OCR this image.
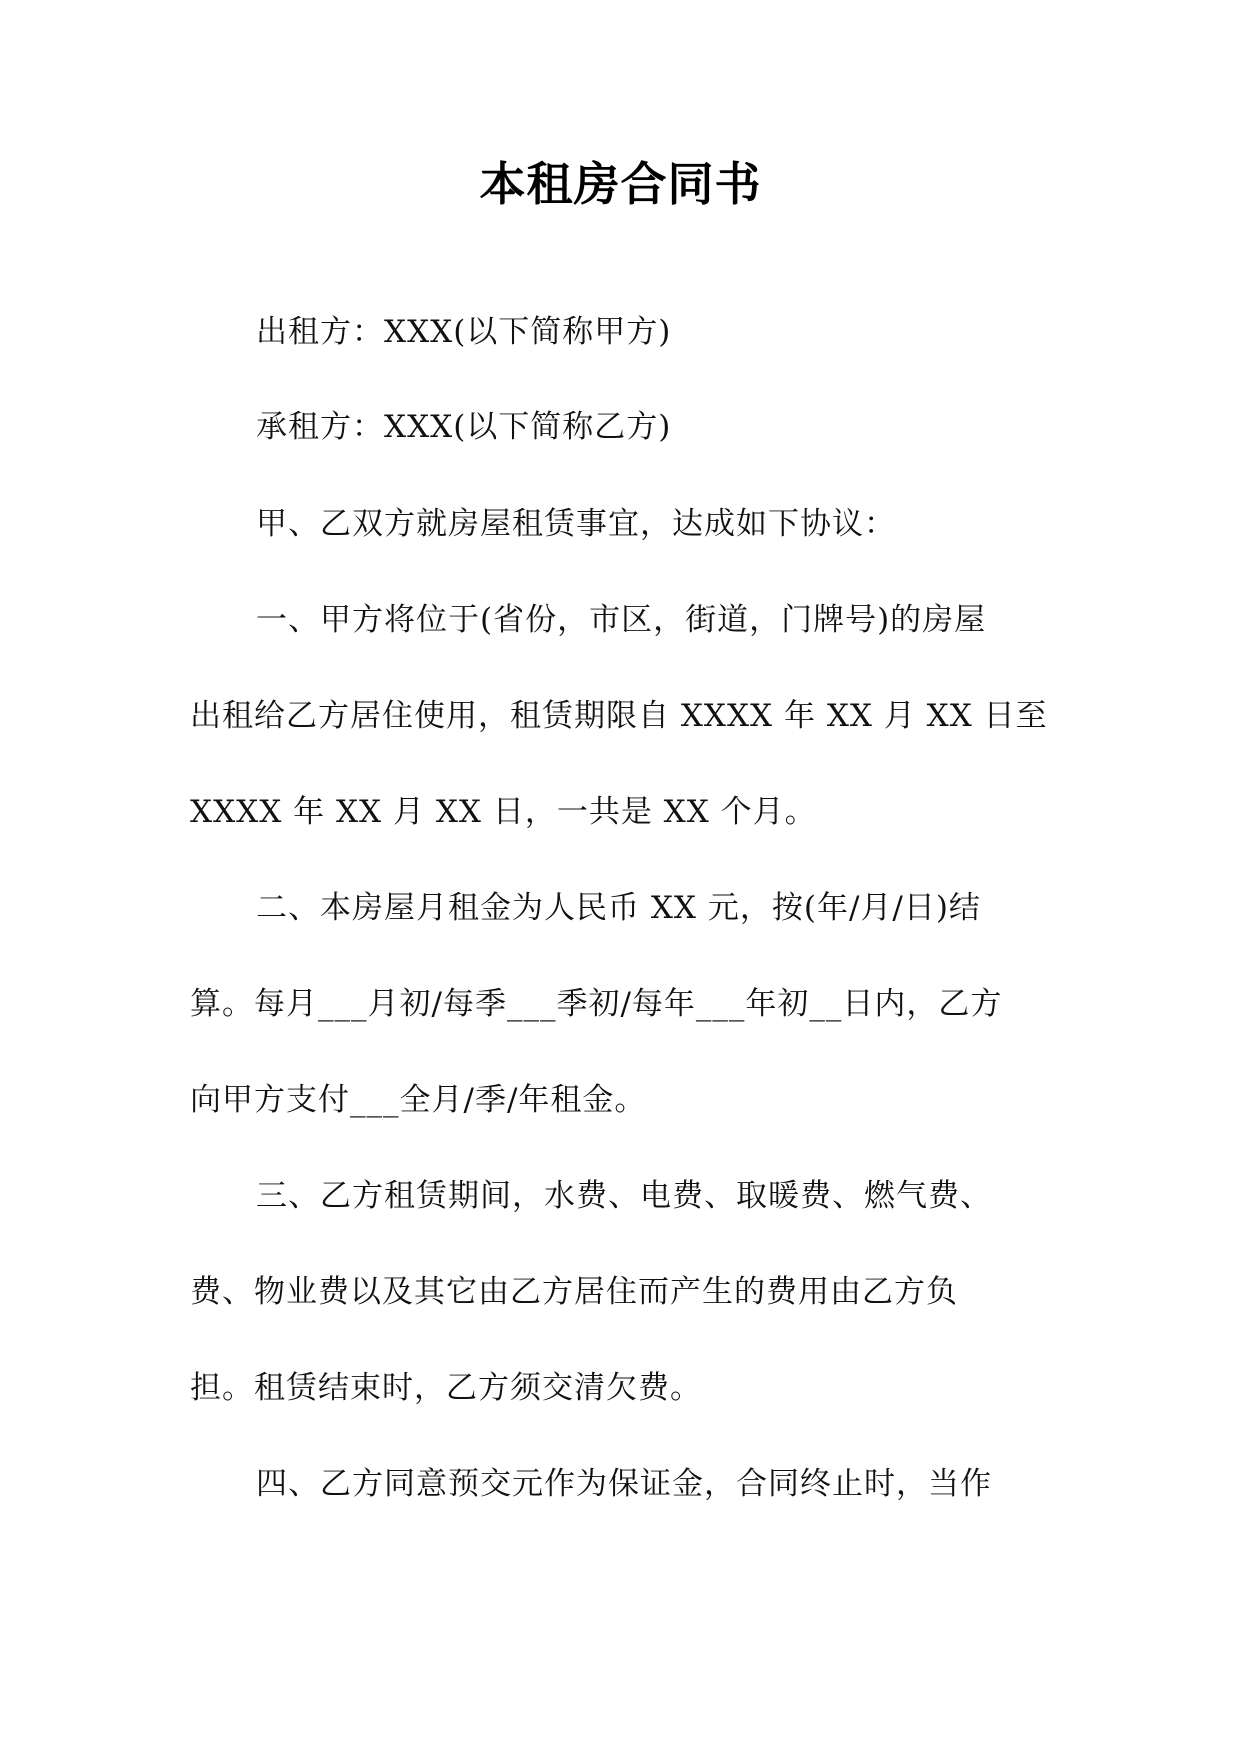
本租房合同书

出租方：XXX(以下简称甲方)

承租方：XXX(以下简称乙方)

甲、乙双方就房屋租赁事宜，达成如下协议：

一、甲方将位于(省份，市区，街道，门牌号)的房屋

出租给乙方居住使用，租赁期限自 XXXX 年 XX 月 XX 日至

XXXX 年 XX 月 XX 日，一共是 XX 个月。

二、本房屋月租金为人民币 XX 元，按(年/月/日)结

算。每月___月初/每季___季初/每年___年初__日内，乙方

向甲方支付___全月/季/年租金。

三、乙方租赁期间，水费、电费、取暖费、燃气费、

费、物业费以及其它由乙方居住而产生的费用由乙方负

担。租赁结束时，乙方须交清欠费。

四、乙方同意预交元作为保证金，合同终止时，当作
